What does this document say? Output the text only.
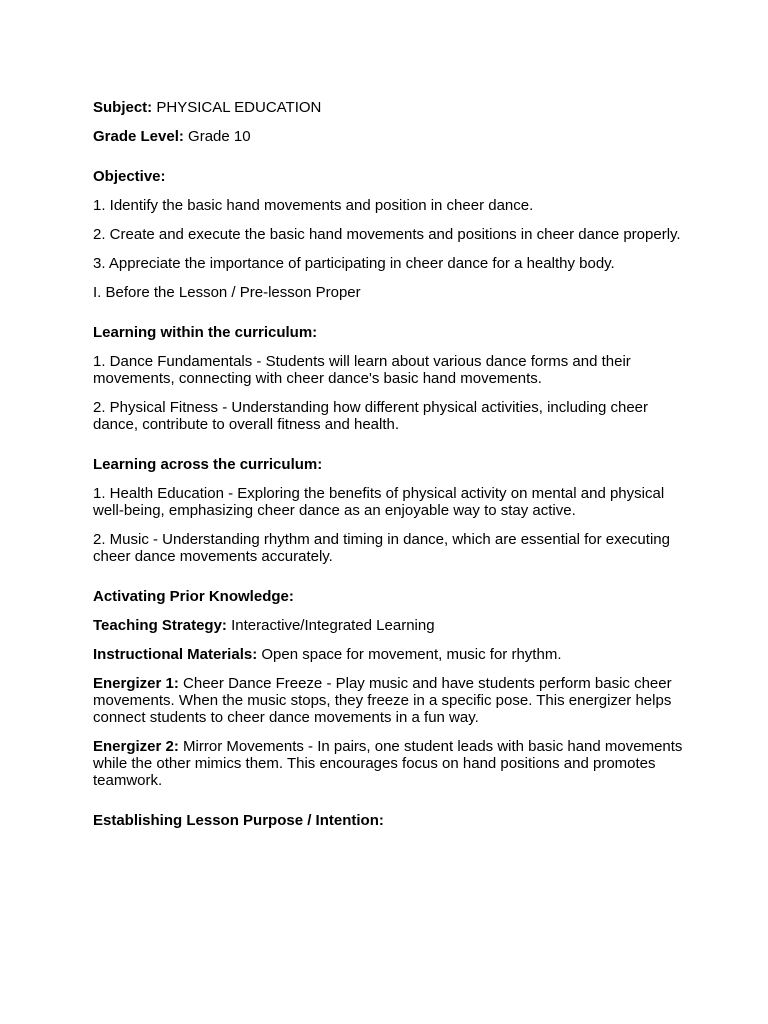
Subject: PHYSICAL EDUCATION

Grade Level: Grade 10

Objective:

1. Identify the basic hand movements and position in cheer dance.

2. Create and execute the basic hand movements and positions in cheer dance properly.

3. Appreciate the importance of participating in cheer dance for a healthy body.

I. Before the Lesson / Pre-lesson Proper

Learning within the curriculum:

1. Dance Fundamentals - Students will learn about various dance forms and their movements, connecting with cheer dance's basic hand movements.

2. Physical Fitness - Understanding how different physical activities, including cheer dance, contribute to overall fitness and health.

Learning across the curriculum:

1. Health Education - Exploring the benefits of physical activity on mental and physical well-being, emphasizing cheer dance as an enjoyable way to stay active.

2. Music - Understanding rhythm and timing in dance, which are essential for executing cheer dance movements accurately.

Activating Prior Knowledge:

Teaching Strategy: Interactive/Integrated Learning

Instructional Materials: Open space for movement, music for rhythm.

Energizer 1: Cheer Dance Freeze - Play music and have students perform basic cheer movements. When the music stops, they freeze in a specific pose. This energizer helps connect students to cheer dance movements in a fun way.

Energizer 2: Mirror Movements - In pairs, one student leads with basic hand movements while the other mimics them. This encourages focus on hand positions and promotes teamwork.

Establishing Lesson Purpose / Intention:
